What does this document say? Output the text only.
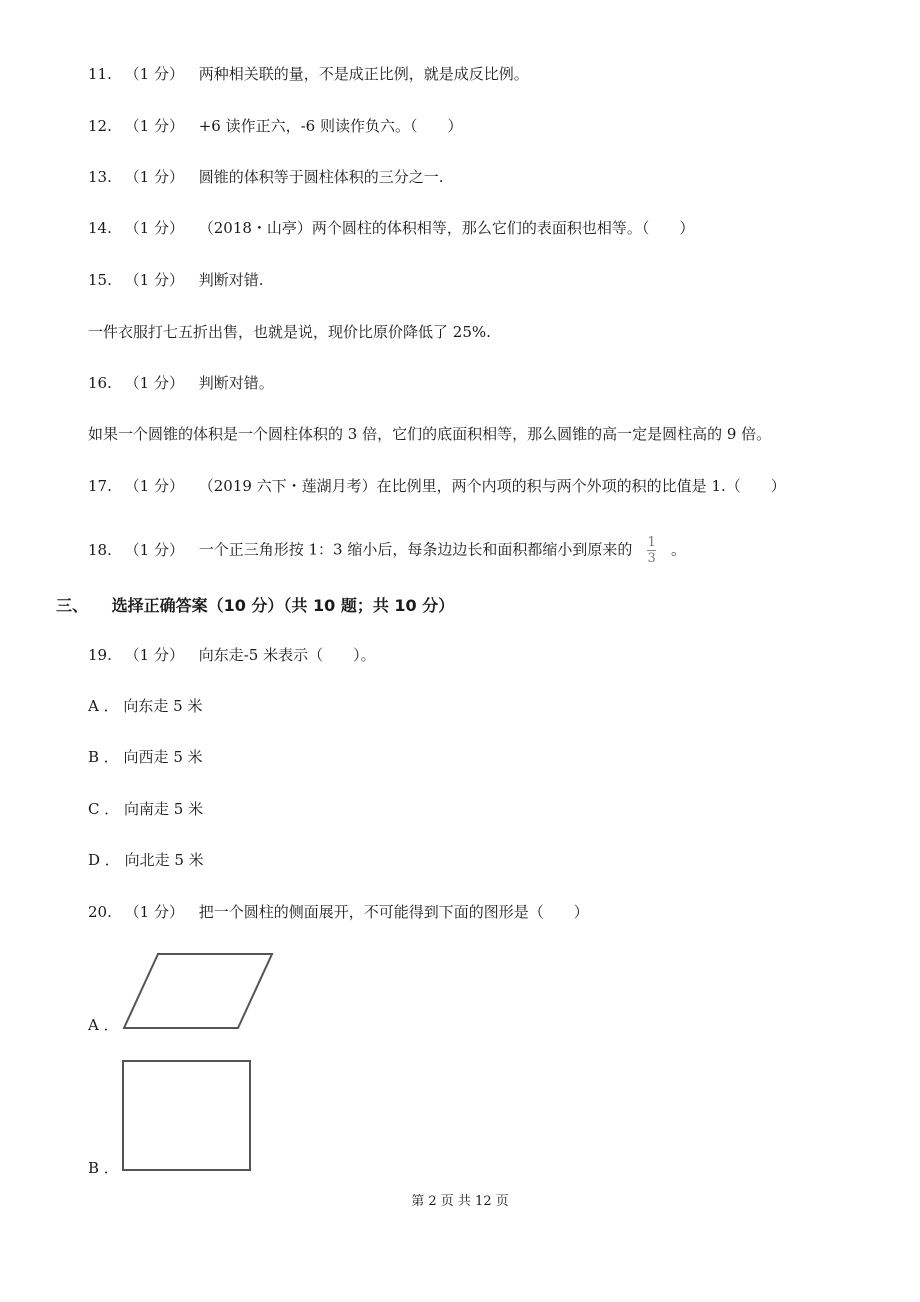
11. （1 分） 两种相关联的量，不是成正比例，就是成反比例。
12. （1 分） +6 读作正六，-6 则读作负六。（　　）
13. （1 分） 圆锥的体积等于圆柱体积的三分之一.
14. （1 分） （2018・山亭）两个圆柱的体积相等，那么它们的表面积也相等。（　　）
15. （1 分） 判断对错.
一件衣服打七五折出售，也就是说，现价比原价降低了 25%.
16. （1 分） 判断对错。
如果一个圆锥的体积是一个圆柱体积的 3 倍，它们的底面积相等，那么圆锥的高一定是圆柱高的 9 倍。
17. （1 分） （2019 六下・莲湖月考）在比例里，两个内项的积与两个外项的积的比值是 1.（　　）
18. （1 分） 一个正三角形按 1：3 缩小后，每条边边长和面积都缩小到原来的 $\frac{1}{3}$ 。
三、 选择正确答案（10 分）（共 10 题；共 10 分）
19. （1 分） 向东走-5 米表示（　　）。
A ． 向东走 5 米
B ． 向西走 5 米
C ． 向南走 5 米
D ． 向北走 5 米
20. （1 分） 把一个圆柱的侧面展开，不可能得到下面的图形是（　　）
A ．
B ．
第 2 页 共 12 页
